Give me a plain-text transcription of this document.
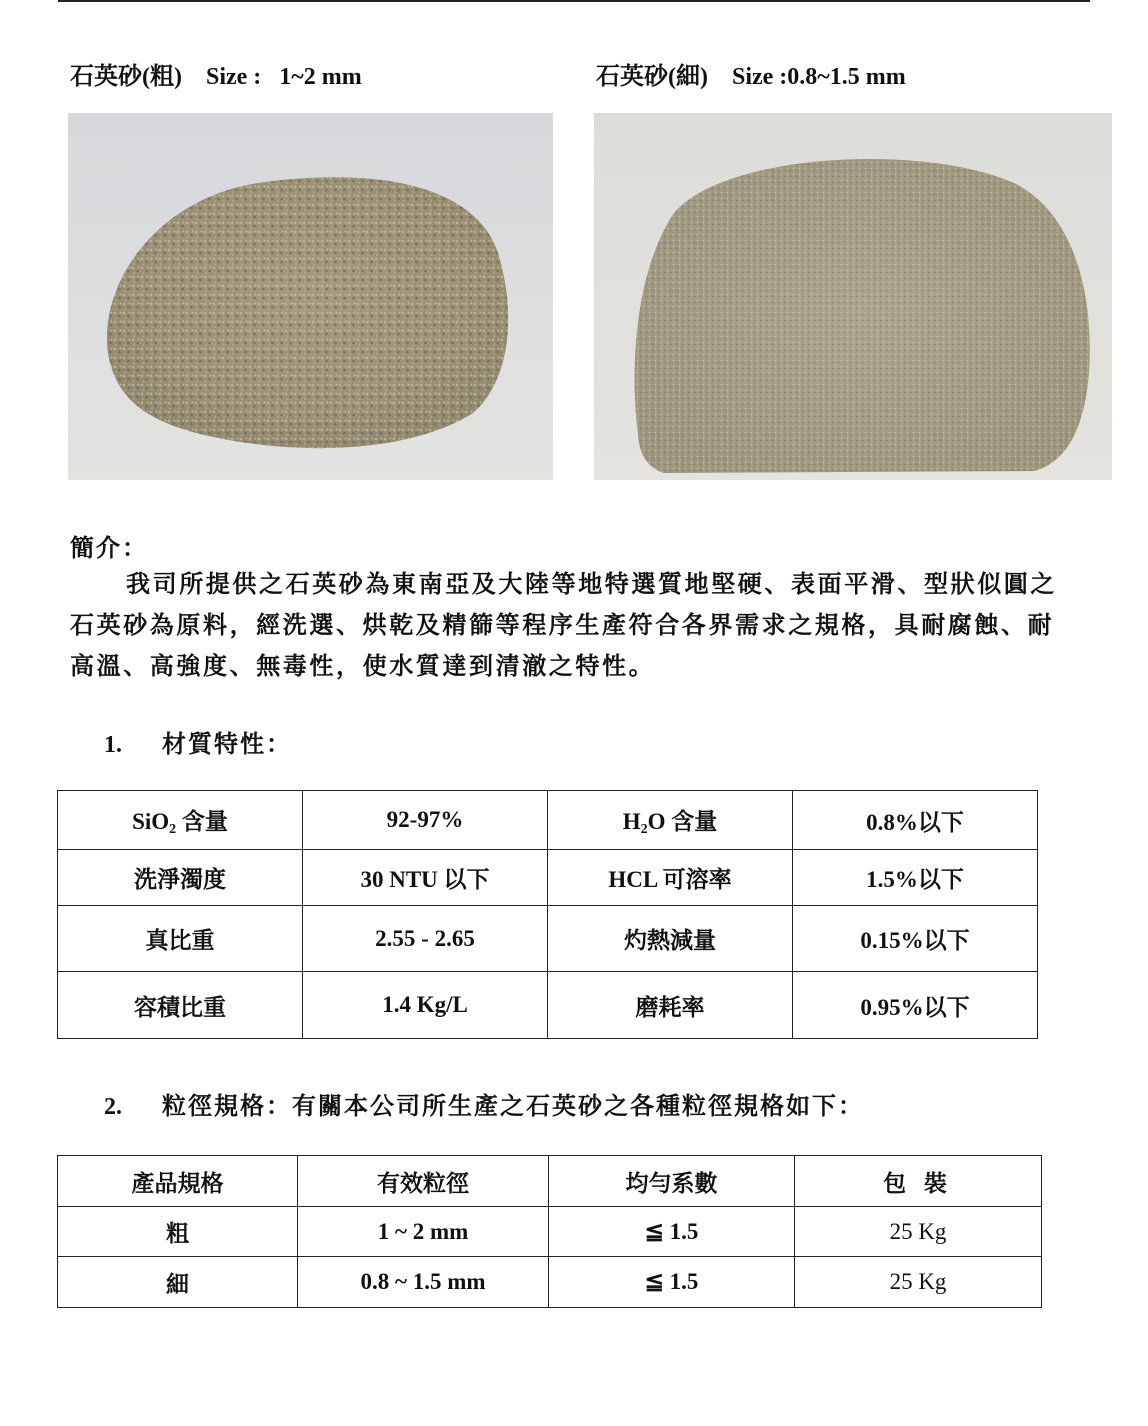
石英砂(粗) Size :   1~2 mm	石英砂(細) Size :0.8~1.5 mm
簡介：
我司所提供之石英砂為東南亞及大陸等地特選質地堅硬、表面平滑、型狀似圓之石英砂為原料，經洗選、烘乾及精篩等程序生產符合各界需求之規格，具耐腐蝕、耐高溫、高強度、無毒性，使水質達到清澈之特性。
1. 材質特性：
SiO$_2$ 含量	92-97%	$H_2O$ 含量	0.8%以下
洗淨濁度	30 NTU 以下	HCL 可溶率	1.5%以下
真比重	2.55 - 2.65	灼熱減量	0.15%以下
容積比重	1.4 Kg/L	磨耗率	0.95%以下
2. 粒徑規格：有關本公司所生產之石英砂之各種粒徑規格如下：
產品規格	有效粒徑	均勻系數	包 裝
粗	1 ~ 2 mm	≦ 1.5	25 Kg
細	0.8 ~ 1.5 mm	≦ 1.5	25 Kg
